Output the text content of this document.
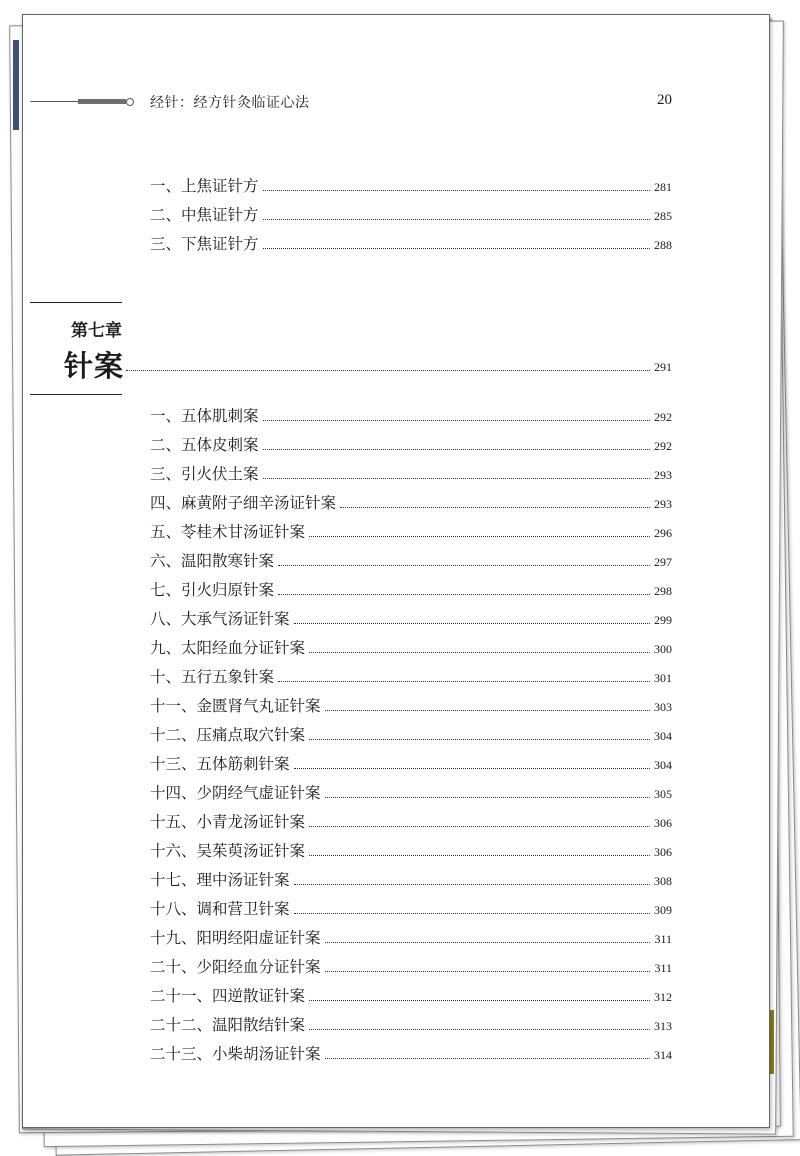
经针：经方针灸临证心法	20
一、上焦证针方	281
二、中焦证针方	285
三、下焦证针方	288
第七章
针案	291
一、五体肌刺案	292
二、五体皮刺案	292
三、引火伏土案	293
四、麻黄附子细辛汤证针案	293
五、苓桂术甘汤证针案	296
六、温阳散寒针案	297
七、引火归原针案	298
八、大承气汤证针案	299
九、太阳经血分证针案	300
十、五行五象针案	301
十一、金匮肾气丸证针案	303
十二、压痛点取穴针案	304
十三、五体筋刺针案	304
十四、少阴经气虚证针案	305
十五、小青龙汤证针案	306
十六、吴茱萸汤证针案	306
十七、理中汤证针案	308
十八、调和营卫针案	309
十九、阳明经阳虚证针案	311
二十、少阳经血分证针案	311
二十一、四逆散证针案	312
二十二、温阳散结针案	313
二十三、小柴胡汤证针案	314
